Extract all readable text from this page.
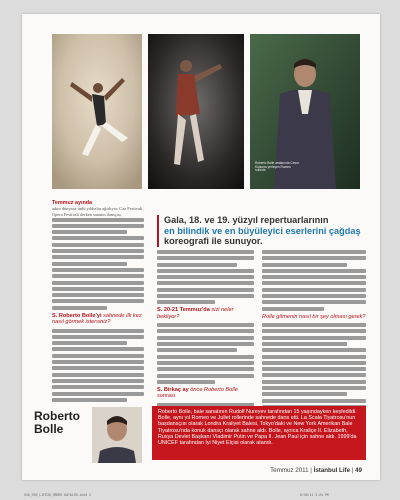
Roberto Bolle aralarında Cesur Kutsuna yerleşen Romeo rolünde
Temmuz ayında
adını dünyaca ünlü yıldızlar ağırlıyor. Caz Festivali, Opera Festivali derken sanatın dansçısı,
S. Roberto Bolle'yi sahnede ilk kez nasıl görmek istersiniz?
Gala, 18. ve 19. yüzyıl repertuarlarının
en bilindik ve en büyüleyici eserlerini çağdaş
koreografi ile sunuyor.
S. 20-21 Temmuz'da sizi neler bekliyor?
S. Birkaç ay önce Roberto Bolle sonrası
Rolle gitmenin nasıl bir şey olması gerek?
Roberto
Bolle
Roberto Bolle, bale sanatının Rudolf Nureyev tarafından 15 yaşındayken keşfedildi. Bolle, aynı yıl Romeo ve Juliet rollerinde sahnede dans etti. La Scala Tiyatrosu'nun başdansçısı olarak Londra Kraliyet Balesi, Tokyo'daki ve New York Amerikan Bale Tiyatrosu'nda konuk dansçı olarak sahne aldı. Bolle, ayrıca Kraliçe II. Elizabeth, Rusya Devlet Başkanı Vladimir Putin ve Papa II. Jean Paul için sahne aldı. 1999'da UNICEF tarafından İyi Niyet Elçisi olarak atandı.
Temmuz 2011 | İstanbul Life | 49
049_050_LIFE30_ORDER KATALOG.indd 3	6/30/11 3:24 PM
